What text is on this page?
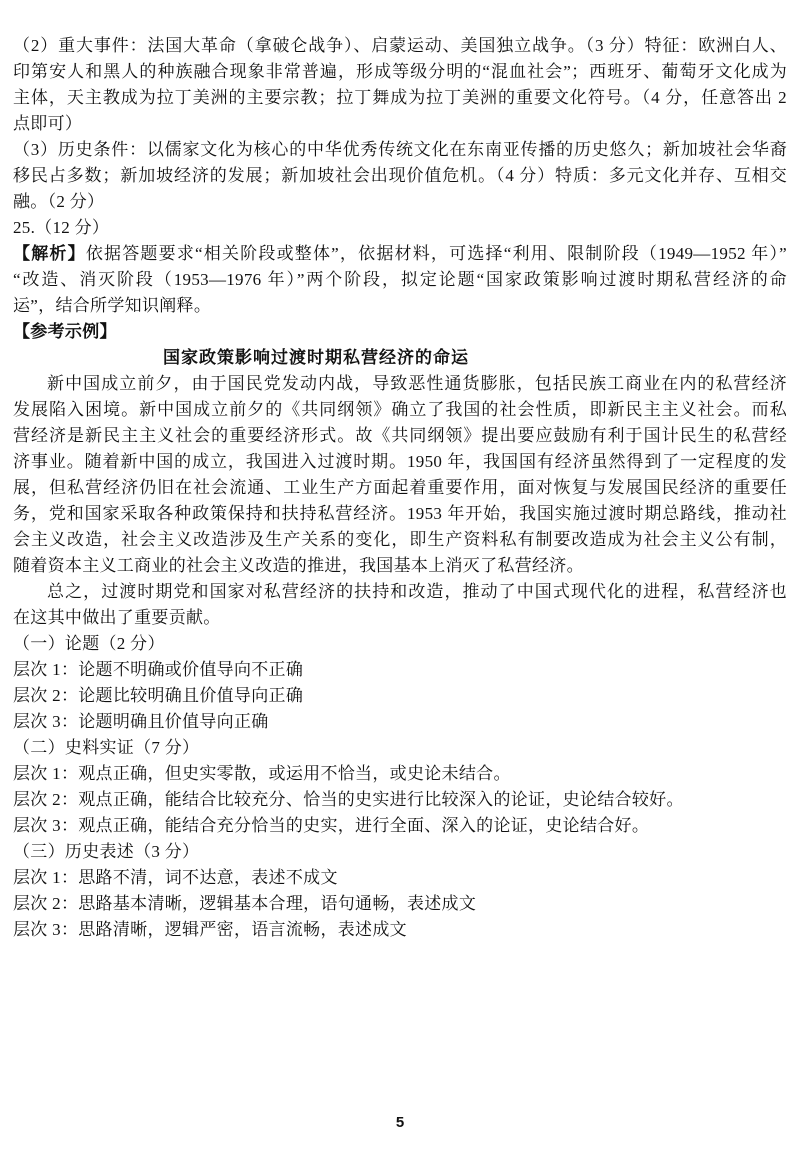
（2）重大事件：法国大革命（拿破仑战争）、启蒙运动、美国独立战争。（3 分）特征：欧洲白人、
印第安人和黑人的种族融合现象非常普遍，形成等级分明的“混血社会”；西班牙、葡萄牙文化成为
主体，天主教成为拉丁美洲的主要宗教；拉丁舞成为拉丁美洲的重要文化符号。（4 分，任意答出 2
点即可）
（3）历史条件：以儒家文化为核心的中华优秀传统文化在东南亚传播的历史悠久；新加坡社会华裔
移民占多数；新加坡经济的发展；新加坡社会出现价值危机。（4 分）特质：多元文化并存、互相交
融。（2 分）
25.（12 分）
【解析】依据答题要求“相关阶段或整体”，依据材料，可选择“利用、限制阶段（1949—1952 年）”
“改造、消灭阶段（1953—1976 年）”两个阶段，拟定论题“国家政策影响过渡时期私营经济的命
运”，结合所学知识阐释。
【参考示例】
国家政策影响过渡时期私营经济的命运
新中国成立前夕，由于国民党发动内战，导致恶性通货膨胀，包括民族工商业在内的私营经济
发展陷入困境。新中国成立前夕的《共同纲领》确立了我国的社会性质，即新民主主义社会。而私
营经济是新民主主义社会的重要经济形式。故《共同纲领》提出要应鼓励有利于国计民生的私营经
济事业。随着新中国的成立，我国进入过渡时期。1950 年，我国国有经济虽然得到了一定程度的发
展，但私营经济仍旧在社会流通、工业生产方面起着重要作用，面对恢复与发展国民经济的重要任
务，党和国家采取各种政策保持和扶持私营经济。1953 年开始，我国实施过渡时期总路线，推动社
会主义改造，社会主义改造涉及生产关系的变化，即生产资料私有制要改造成为社会主义公有制，
随着资本主义工商业的社会主义改造的推进，我国基本上消灭了私营经济。
总之，过渡时期党和国家对私营经济的扶持和改造，推动了中国式现代化的进程，私营经济也
在这其中做出了重要贡献。
（一）论题（2 分）
层次 1：论题不明确或价值导向不正确
层次 2：论题比较明确且价值导向正确
层次 3：论题明确且价值导向正确
（二）史料实证（7 分）
层次 1：观点正确，但史实零散，或运用不恰当，或史论未结合。
层次 2：观点正确，能结合比较充分、恰当的史实进行比较深入的论证，史论结合较好。
层次 3：观点正确，能结合充分恰当的史实，进行全面、深入的论证，史论结合好。
（三）历史表述（3 分）
层次 1：思路不清，词不达意，表述不成文
层次 2：思路基本清晰，逻辑基本合理，语句通畅，表述成文
层次 3：思路清晰，逻辑严密，语言流畅，表述成文
5
